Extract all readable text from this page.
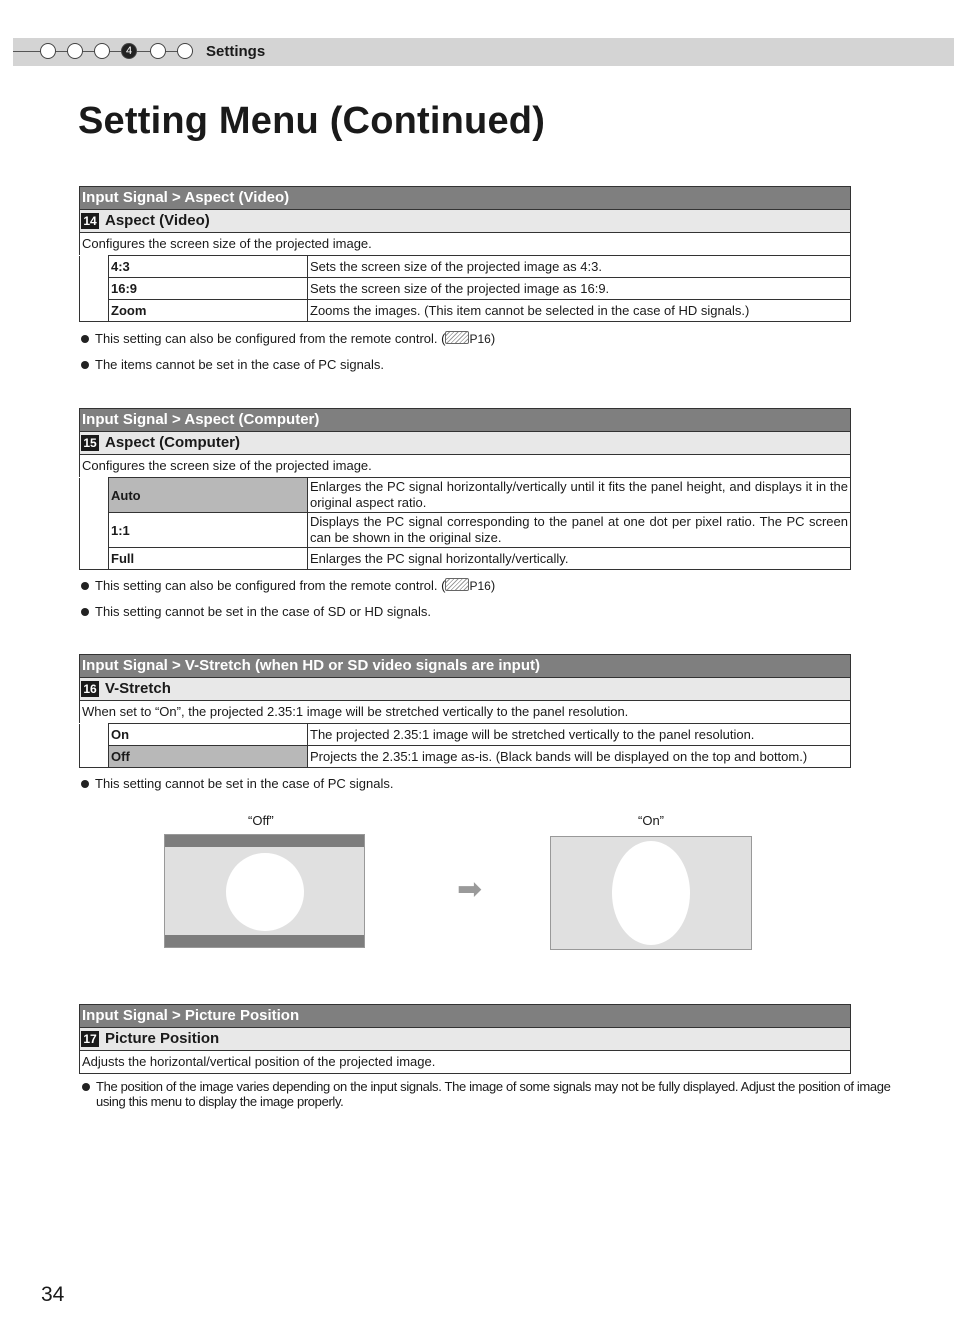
4	Settings
Setting Menu (Continued)
Input Signal > Aspect (Video)
14 Aspect (Video)
Configures the screen size of the projected image.
	4:3	Sets the screen size of the projected image as 4:3.
	16:9	Sets the screen size of the projected image as 16:9.
	Zoom	Zooms the images. (This item cannot be selected in the case of HD signals.)
This setting can also be configured from the remote control. ( P16)
The items cannot be set in the case of PC signals.
Input Signal > Aspect (Computer)
15 Aspect (Computer)
Configures the screen size of the projected image.
	Auto	Enlarges the PC signal horizontally/vertically until it fits the panel height, and displays it in the original aspect ratio.
	1:1	Displays the PC signal corresponding to the panel at one dot per pixel ratio. The PC screen can be shown in the original size.
	Full	Enlarges the PC signal horizontally/vertically.
This setting can also be configured from the remote control. ( P16)
This setting cannot be set in the case of SD or HD signals.
Input Signal > V-Stretch (when HD or SD video signals are input)
16 V-Stretch
When set to “On”, the projected 2.35:1 image will be stretched vertically to the panel resolution.
	On	The projected 2.35:1 image will be stretched vertically to the panel resolution.
	Off	Projects the 2.35:1 image as-is. (Black bands will be displayed on the top and bottom.)
This setting cannot be set in the case of PC signals.
“Off”	“On”
➡
Input Signal > Picture Position
17 Picture Position
Adjusts the horizontal/vertical position of the projected image.
The position of the image varies depending on the input signals. The image of some signals may not be fully displayed. Adjust the position of image using this menu to display the image properly.
34
